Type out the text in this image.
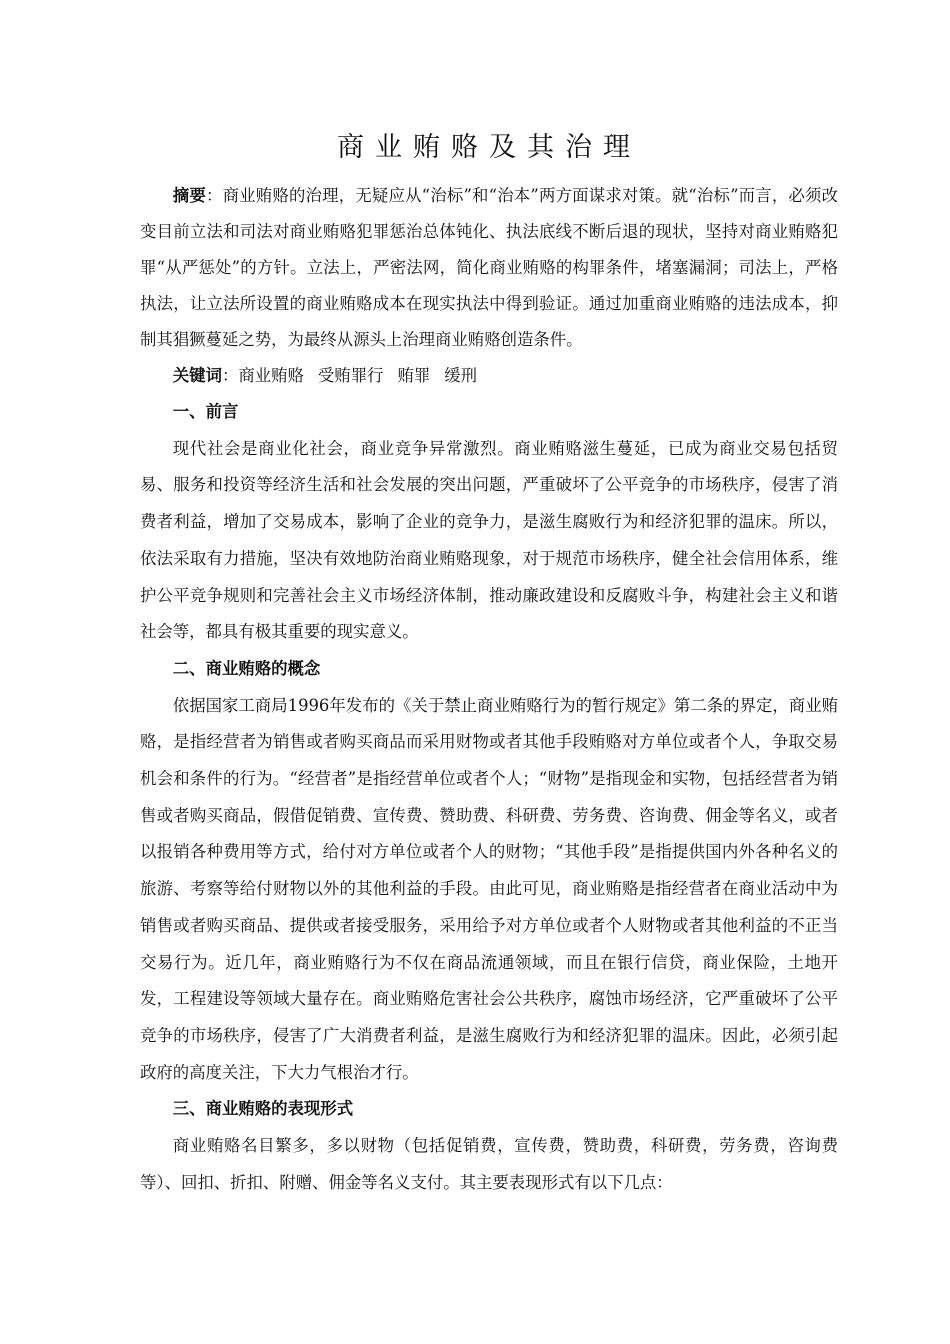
商业贿赂及其治理

摘要：商业贿赂的治理，无疑应从“治标”和“治本”两方面谋求对策。就“治标”而言，必须改变目前立法和司法对商业贿赂犯罪惩治总体钝化、执法底线不断后退的现状，坚持对商业贿赂犯罪“从严惩处”的方针。立法上，严密法网，简化商业贿赂的构罪条件，堵塞漏洞；司法上，严格执法，让立法所设置的商业贿赂成本在现实执法中得到验证。通过加重商业贿赂的违法成本，抑制其猖獗蔓延之势，为最终从源头上治理商业贿赂创造条件。

关键词：商业贿赂 受贿罪行 贿罪 缓刑

一、前言

现代社会是商业化社会，商业竞争异常激烈。商业贿赂滋生蔓延，已成为商业交易包括贸易、服务和投资等经济生活和社会发展的突出问题，严重破坏了公平竞争的市场秩序，侵害了消费者利益，增加了交易成本，影响了企业的竞争力，是滋生腐败行为和经济犯罪的温床。所以，依法采取有力措施，坚决有效地防治商业贿赂现象，对于规范市场秩序，健全社会信用体系，维护公平竞争规则和完善社会主义市场经济体制，推动廉政建设和反腐败斗争，构建社会主义和谐社会等，都具有极其重要的现实意义。

二、商业贿赂的概念

依据国家工商局1996年发布的《关于禁止商业贿赂行为的暂行规定》第二条的界定，商业贿赂，是指经营者为销售或者购买商品而采用财物或者其他手段贿赂对方单位或者个人，争取交易机会和条件的行为。“经营者”是指经营单位或者个人；“财物”是指现金和实物，包括经营者为销售或者购买商品，假借促销费、宣传费、赞助费、科研费、劳务费、咨询费、佣金等名义，或者以报销各种费用等方式，给付对方单位或者个人的财物；“其他手段”是指提供国内外各种名义的旅游、考察等给付财物以外的其他利益的手段。由此可见，商业贿赂是指经营者在商业活动中为销售或者购买商品、提供或者接受服务，采用给予对方单位或者个人财物或者其他利益的不正当交易行为。近几年，商业贿赂行为不仅在商品流通领域，而且在银行信贷，商业保险，土地开发，工程建设等领域大量存在。商业贿赂危害社会公共秩序，腐蚀市场经济，它严重破坏了公平竞争的市场秩序，侵害了广大消费者利益，是滋生腐败行为和经济犯罪的温床。因此，必须引起政府的高度关注，下大力气根治才行。

三、商业贿赂的表现形式

商业贿赂名目繁多，多以财物（包括促销费，宣传费，赞助费，科研费，劳务费，咨询费等）、回扣、折扣、附赠、佣金等名义支付。其主要表现形式有以下几点：
